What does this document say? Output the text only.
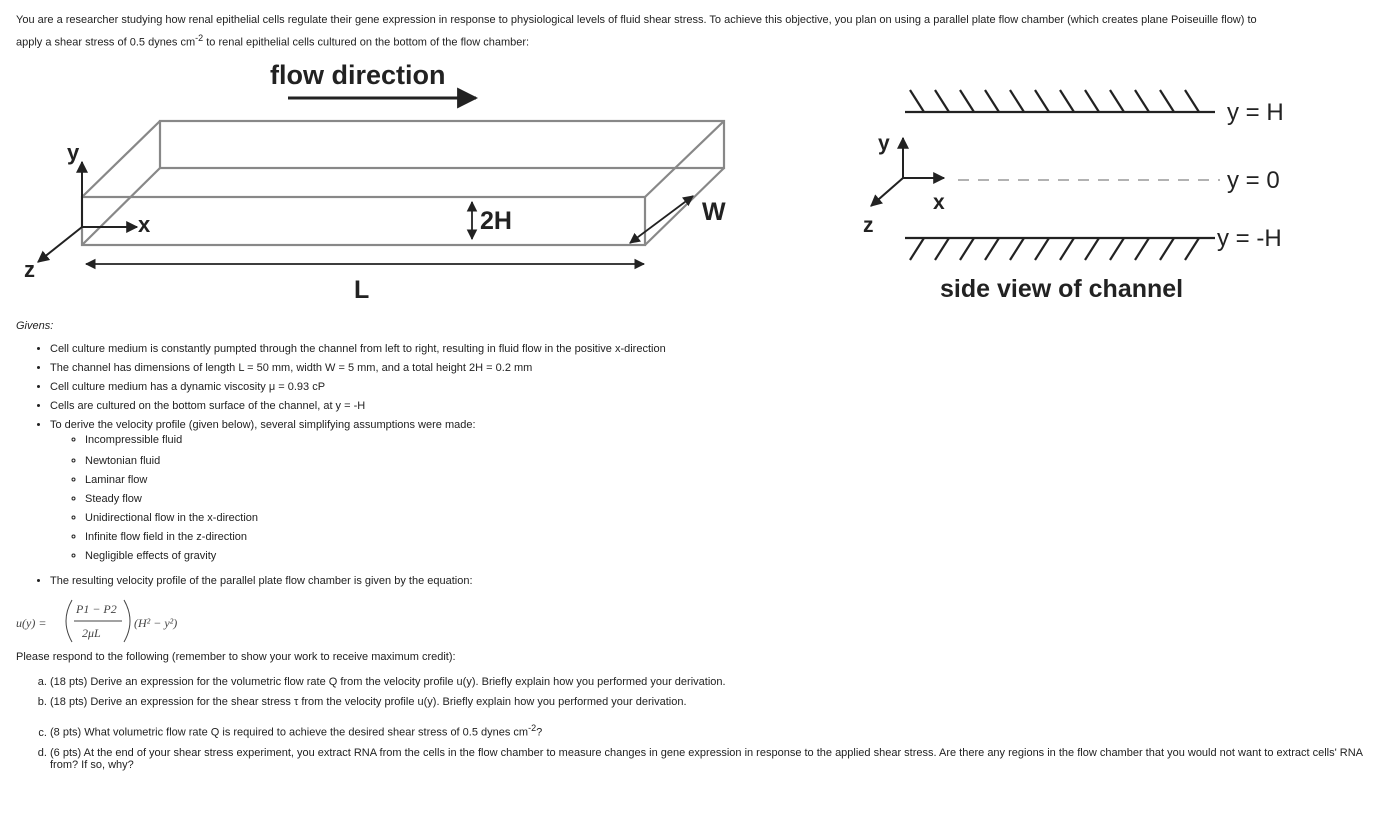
You are a researcher studying how renal epithelial cells regulate their gene expression in response to physiological levels of fluid shear stress. To achieve this objective, you plan on using a parallel plate flow chamber (which creates plane Poiseuille flow) to
apply a shear stress of 0.5 dynes $cm^{-2}$ to renal epithelial cells cultured on the bottom of the flow chamber:
flow direction
y
x
z
2H	W
L
y = H
y = 0
y = -H
y
x
z
side view of channel
Givens:
• Cell culture medium is constantly pumpted through the channel from left to right, resulting in fluid flow in the positive x-direction
• The channel has dimensions of length L = 50 mm, width W = 5 mm, and a total height 2H = 0.2 mm
• Cell culture medium has a dynamic viscosity μ = 0.93 cP
• Cells are cultured on the bottom surface of the channel, at y = -H
• To derive the velocity profile (given below), several simplifying assumptions were made:
◦ Incompressible fluid
◦ Newtonian fluid
◦ Laminar flow
◦ Steady flow
◦ Unidirectional flow in the x-direction
◦ Infinite flow field in the z-direction
◦ Negligible effects of gravity
• The resulting velocity profile of the parallel plate flow chamber is given by the equation:
u(y) =
P1 − P2
2μL
(H² − y²)
Please respond to the following (remember to show your work to receive maximum credit):
a. (18 pts) Derive an expression for the volumetric flow rate Q from the velocity profile u(y). Briefly explain how you performed your derivation.
b. (18 pts) Derive an expression for the shear stress τ from the velocity profile u(y). Briefly explain how you performed your derivation.
c. (8 pts) What volumetric flow rate Q is required to achieve the desired shear stress of 0.5 dynes $cm^{-2}$?
d. (6 pts) At the end of your shear stress experiment, you extract RNA from the cells in the flow chamber to measure changes in gene expression in response to the applied shear stress. Are there any regions in the flow chamber that you would not want to extract cells' RNA from? If so, why?
